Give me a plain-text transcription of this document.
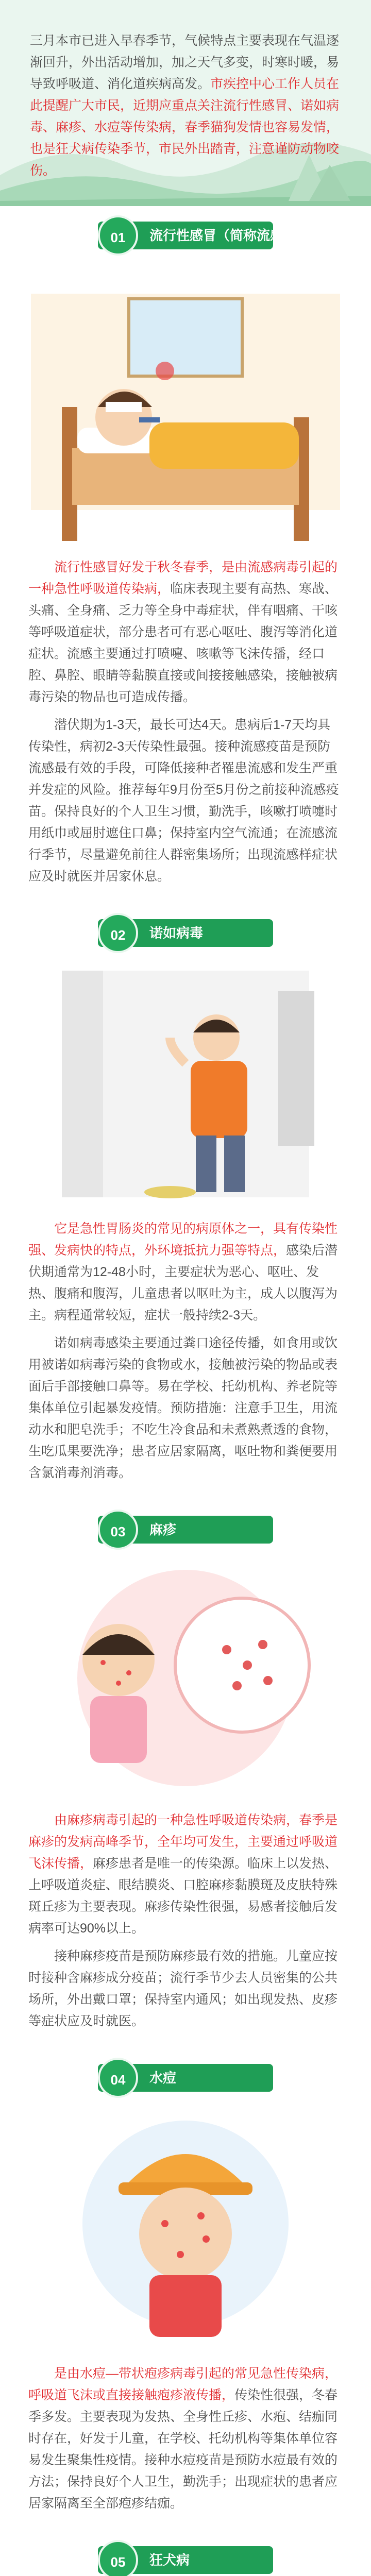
三月本市已进入早春季节，气候特点主要表现在气温逐渐回升，外出活动增加，加之天气多变，时寒时暖，易导致呼吸道、消化道疾病高发。市疾控中心工作人员在此提醒广大市民，近期应重点关注流行性感冒、诺如病毒、麻疹、水痘等传染病，春季猫狗发情也容易发情，也是狂犬病传染季节，市民外出踏青，注意谨防动物咬伤。
01	流行性感冒（简称流感）

流行性感冒好发于秋冬春季，是由流感病毒引起的一种急性呼吸道传染病，临床表现主要有高热、寒战、头痛、全身痛、乏力等全身中毒症状，伴有咽痛、干咳等呼吸道症状，部分患者可有恶心呕吐、腹泻等消化道症状。流感主要通过打喷嚏、咳嗽等飞沫传播，经口腔、鼻腔、眼睛等黏膜直接或间接接触感染，接触被病毒污染的物品也可造成传播。

潜伏期为1-3天，最长可达4天。患病后1-7天均具传染性，病初2-3天传染性最强。接种流感疫苗是预防流感最有效的手段，可降低接种者罹患流感和发生严重并发症的风险。推荐每年9月份至5月份之前接种流感疫苗。保持良好的个人卫生习惯，勤洗手，咳嗽打喷嚏时用纸巾或屈肘遮住口鼻；保持室内空气流通；在流感流行季节，尽量避免前往人群密集场所；出现流感样症状应及时就医并居家休息。

02	诺如病毒

它是急性胃肠炎的常见的病原体之一，具有传染性强、发病快的特点，外环境抵抗力强等特点，感染后潜伏期通常为12-48小时，主要症状为恶心、呕吐、发热、腹痛和腹泻，儿童患者以呕吐为主，成人以腹泻为主。病程通常较短，症状一般持续2-3天。

诺如病毒感染主要通过粪口途径传播，如食用或饮用被诺如病毒污染的食物或水，接触被污染的物品或表面后手部接触口鼻等。易在学校、托幼机构、养老院等集体单位引起暴发疫情。预防措施：注意手卫生，用流动水和肥皂洗手；不吃生冷食品和未煮熟煮透的食物，生吃瓜果要洗净；患者应居家隔离，呕吐物和粪便要用含氯消毒剂消毒。

03	麻疹

由麻疹病毒引起的一种急性呼吸道传染病，春季是麻疹的发病高峰季节，全年均可发生，主要通过呼吸道飞沫传播，麻疹患者是唯一的传染源。临床上以发热、上呼吸道炎症、眼结膜炎、口腔麻疹黏膜斑及皮肤特殊斑丘疹为主要表现。麻疹传染性很强，易感者接触后发病率可达90%以上。

接种麻疹疫苗是预防麻疹最有效的措施。儿童应按时接种含麻疹成分疫苗；流行季节少去人员密集的公共场所，外出戴口罩；保持室内通风；如出现发热、皮疹等症状应及时就医。

04	水痘

是由水痘—带状疱疹病毒引起的常见急性传染病，呼吸道飞沫或直接接触疱疹液传播，传染性很强，冬春季多发。主要表现为发热、全身性丘疹、水疱、结痂同时存在，好发于儿童，在学校、托幼机构等集体单位容易发生聚集性疫情。接种水痘疫苗是预防水痘最有效的方法；保持良好个人卫生，勤洗手；出现症状的患者应居家隔离至全部疱疹结痂。

05	狂犬病
